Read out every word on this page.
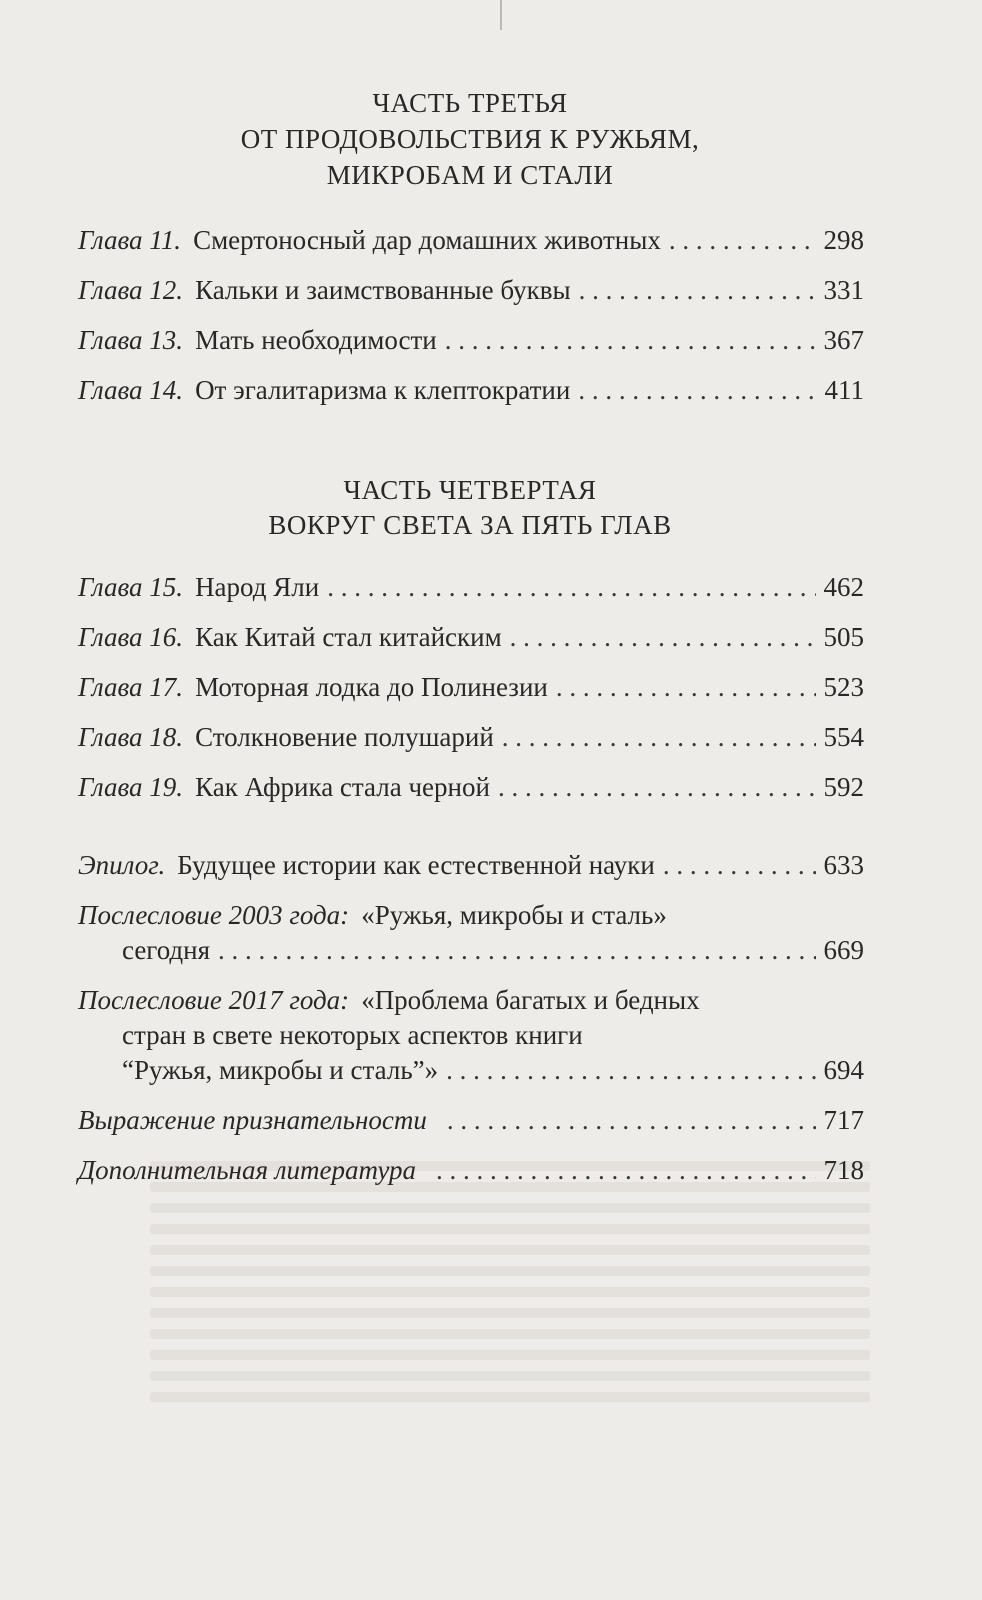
ЧАСТЬ ТРЕТЬЯ
ОТ ПРОДОВОЛЬСТВИЯ К РУЖЬЯМ,
МИКРОБАМ И СТАЛИ
Глава 11. Смертоносный дар домашних животных . . .	298
Глава 12. Кальки и заимствованные буквы . . .	331
Глава 13. Мать необходимости . . .	367
Глава 14. От эгалитаризма к клептократии . . .	411
ЧАСТЬ ЧЕТВЕРТАЯ
ВОКРУГ СВЕТА ЗА ПЯТЬ ГЛАВ
Глава 15. Народ Яли . . .	462
Глава 16. Как Китай стал китайским . . .	505
Глава 17. Моторная лодка до Полинезии . . .	523
Глава 18. Столкновение полушарий . . .	554
Глава 19. Как Африка стала черной . . .	592
Эпилог. Будущее истории как естественной науки . . .	633
Послесловие 2003 года: «Ружья, микробы и сталь»
сегодня . . .	669
Послесловие 2017 года: «Проблема багатых и бедных
стран в свете некоторых аспектов книги
“Ружья, микробы и сталь”» . . .	694
Выражение признательности . . .	717
Дополнительная литература . . .	718
